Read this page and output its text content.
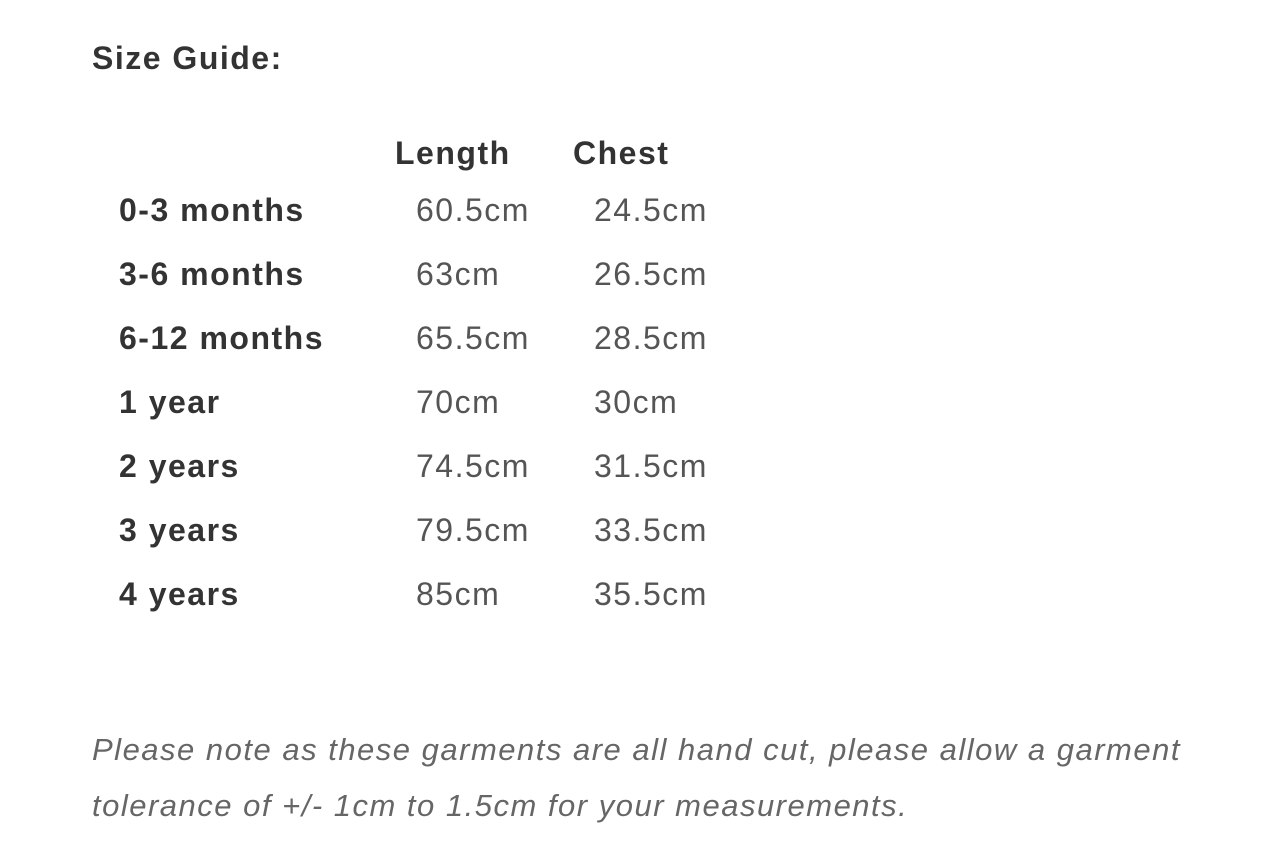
Size Guide:
	Length	Chest
0-3 months	60.5cm	24.5cm
3-6 months	63cm	26.5cm
6-12 months	65.5cm	28.5cm
1 year	70cm	30cm
2 years	74.5cm	31.5cm
3 years	79.5cm	33.5cm
4 years	85cm	35.5cm

Please note as these garments are all hand cut, please allow a garment tolerance of +/- 1cm to 1.5cm for your measurements.
